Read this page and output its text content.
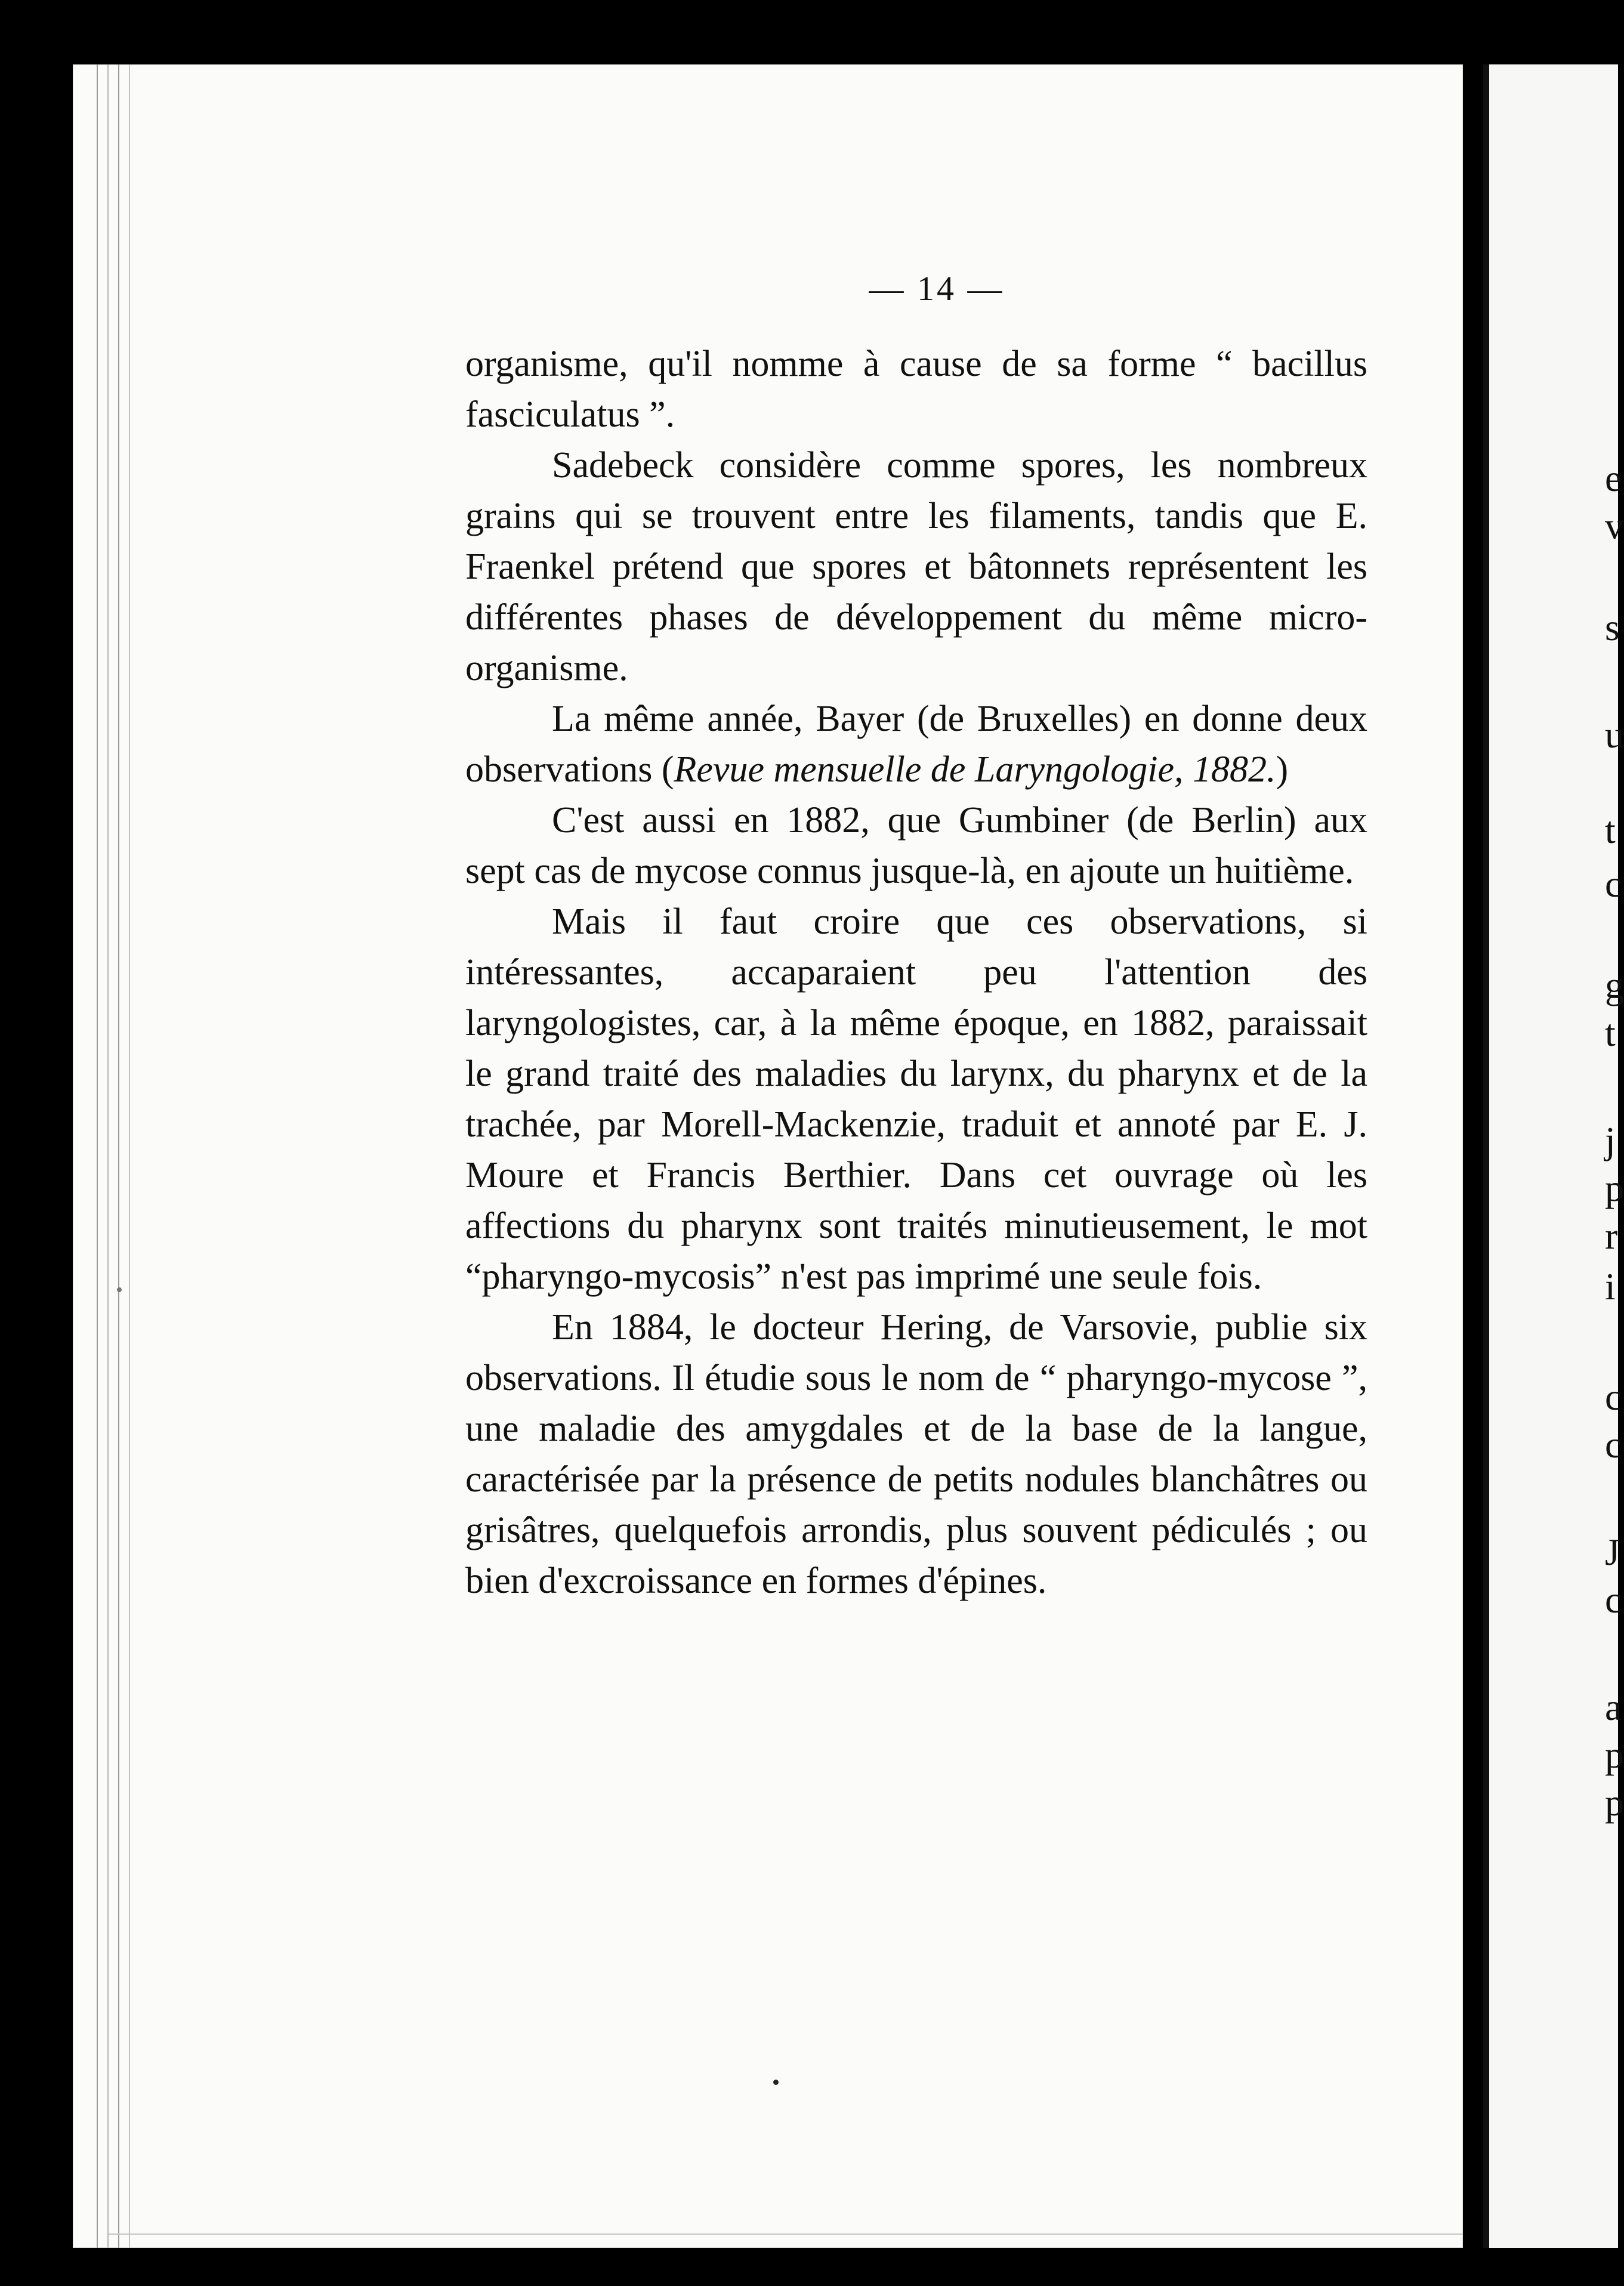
e
v
s
u
t
c
g
t
j
p
r
i
c
c
J
c
a
p
p
— 14 —

organisme, qu'il nomme à cause de sa forme “ bacillus fasciculatus ”.

Sadebeck considère comme spores, les nombreux grains qui se trouvent entre les filaments, tandis que E. Fraenkel prétend que spores et bâtonnets représentent les différentes phases de développement du même micro-organisme.

La même année, Bayer (de Bruxelles) en donne deux observations (Revue mensuelle de Laryngologie, 1882.)

C'est aussi en 1882, que Gumbiner (de Berlin) aux sept cas de mycose connus jusque-là, en ajoute un huitième.

Mais il faut croire que ces observations, si intéressantes, accaparaient peu l'attention des laryngologistes, car, à la même époque, en 1882, paraissait le grand traité des maladies du larynx, du pharynx et de la trachée, par Morell-Mackenzie, traduit et annoté par E. J. Moure et Francis Berthier. Dans cet ouvrage où les affections du pharynx sont traités minutieusement, le mot “pharyngo-mycosis” n'est pas imprimé une seule fois.

En 1884, le docteur Hering, de Varsovie, publie six observations. Il étudie sous le nom de “ pharyngo-mycose ”, une maladie des amygdales et de la base de la langue, caractérisée par la présence de petits nodules blanchâtres ou grisâtres, quelquefois arrondis, plus souvent pédiculés ; ou bien d'excroissance en formes d'épines.
